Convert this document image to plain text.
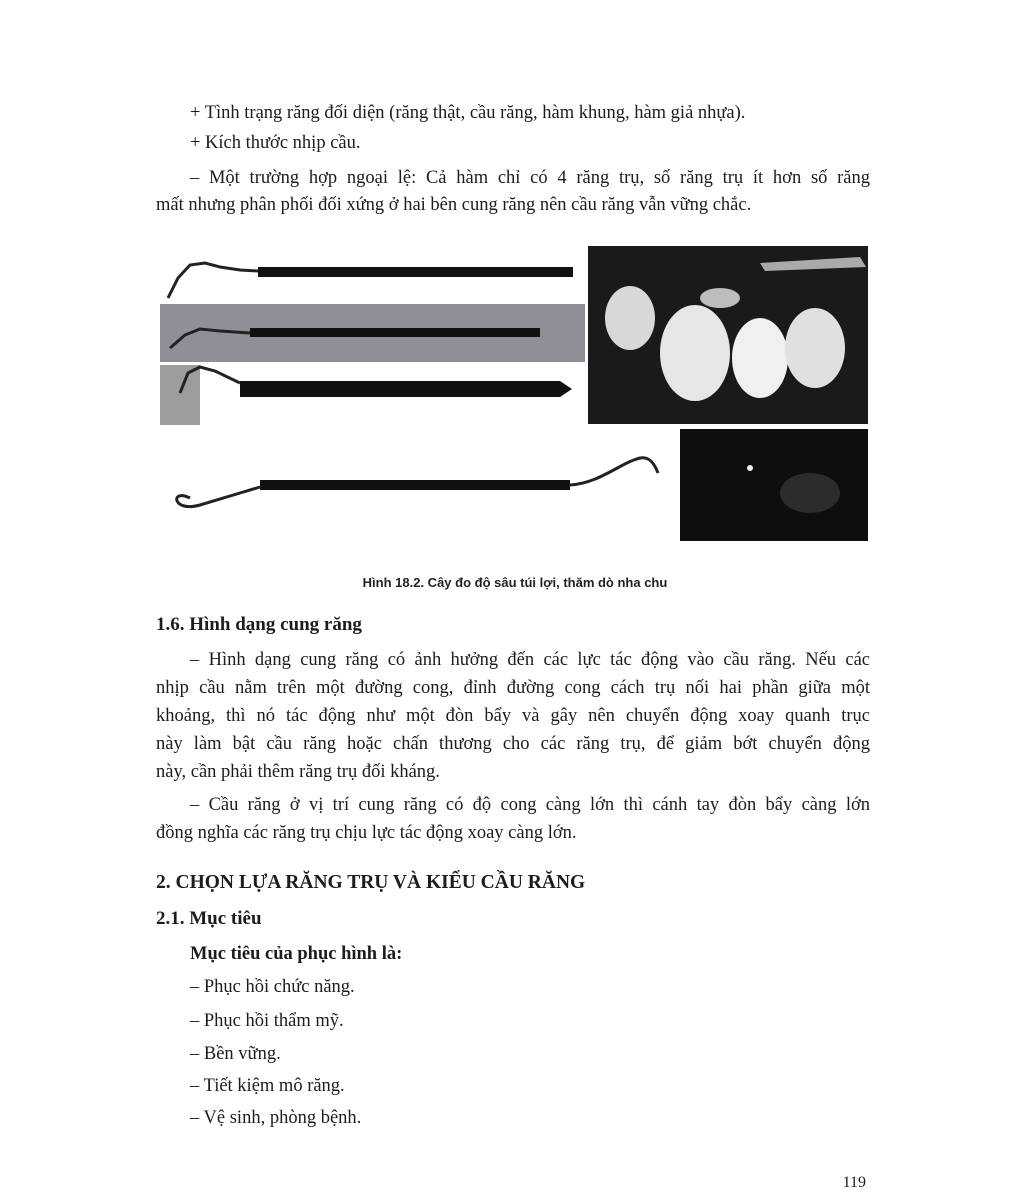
+ Tình trạng răng đối diện (răng thật, cầu răng, hàm khung, hàm giả nhựa).

+ Kích thước nhịp cầu.

– Một trường hợp ngoại lệ: Cả hàm chỉ có 4 răng trụ, số răng trụ ít hơn số răng

mất nhưng phân phối đối xứng ở hai bên cung răng nên cầu răng vẫn vững chắc.

Hình 18.2. Cây đo độ sâu túi lợi, thăm dò nha chu
1.6. Hình dạng cung răng

– Hình dạng cung răng có ảnh hưởng đến các lực tác động vào cầu răng. Nếu các

nhịp cầu nằm trên một đường cong, đỉnh đường cong cách trụ nối hai phần giữa một

khoảng, thì nó tác động như một đòn bẩy và gây nên chuyển động xoay quanh trục

này làm bật cầu răng hoặc chấn thương cho các răng trụ, để giảm bớt chuyển động

này, cần phải thêm răng trụ đối kháng.

– Cầu răng ở vị trí cung răng có độ cong càng lớn thì cánh tay đòn bẩy càng lớn

đồng nghĩa các răng trụ chịu lực tác động xoay càng lớn.

2. CHỌN LỰA RĂNG TRỤ VÀ KIỂU CẦU RĂNG
2.1. Mục tiêu

Mục tiêu của phục hình là:

– Phục hồi chức năng.

– Phục hồi thẩm mỹ.

– Bền vững.

– Tiết kiệm mô răng.

– Vệ sinh, phòng bệnh.

119
